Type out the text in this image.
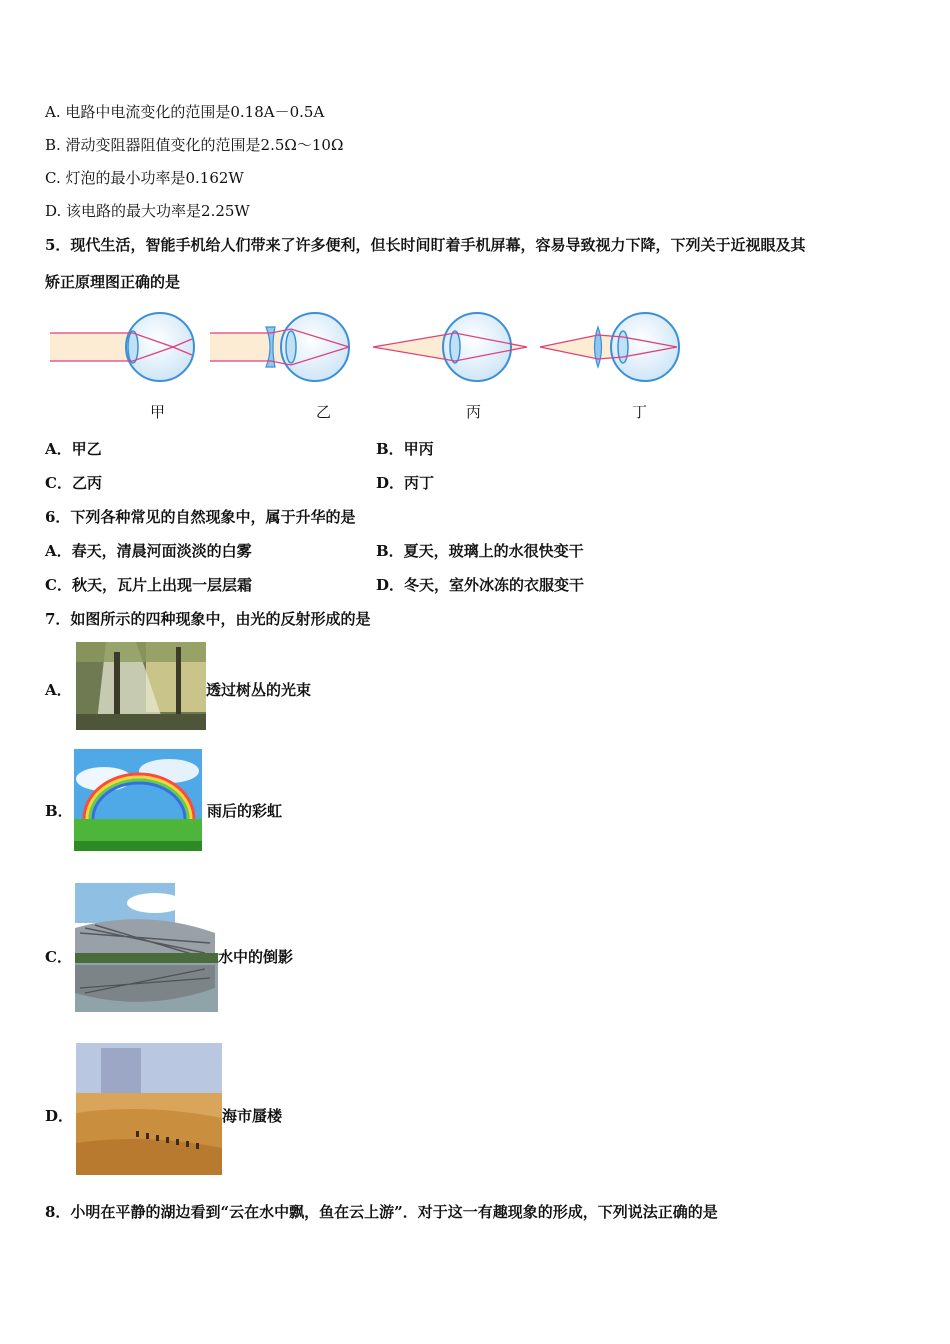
A. 电路中电流变化的范围是0.18A－0.5A
B. 滑动变阻器阻值变化的范围是2.5Ω～10Ω
C. 灯泡的最小功率是0.162W
D. 该电路的最大功率是2.25W
5．现代生活，智能手机给人们带来了许多便利，但长时间盯着手机屏幕，容易导致视力下降，下列关于近视眼及其
矫正原理图正确的是
甲	乙	丙	丁
A．甲乙	B．甲丙
C．乙丙	D．丙丁
6．下列各种常见的自然现象中，属于升华的是
A．春天，清晨河面淡淡的白雾	B．夏天，玻璃上的水很快变干
C．秋天，瓦片上出现一层层霜	D．冬天，室外冰冻的衣服变干
7．如图所示的四种现象中，由光的反射形成的是
A．	透过树丛的光束
B．	雨后的彩虹
C．	水中的倒影
D．	海市蜃楼
8．小明在平静的湖边看到“云在水中飘，鱼在云上游”．对于这一有趣现象的形成，下列说法正确的是
